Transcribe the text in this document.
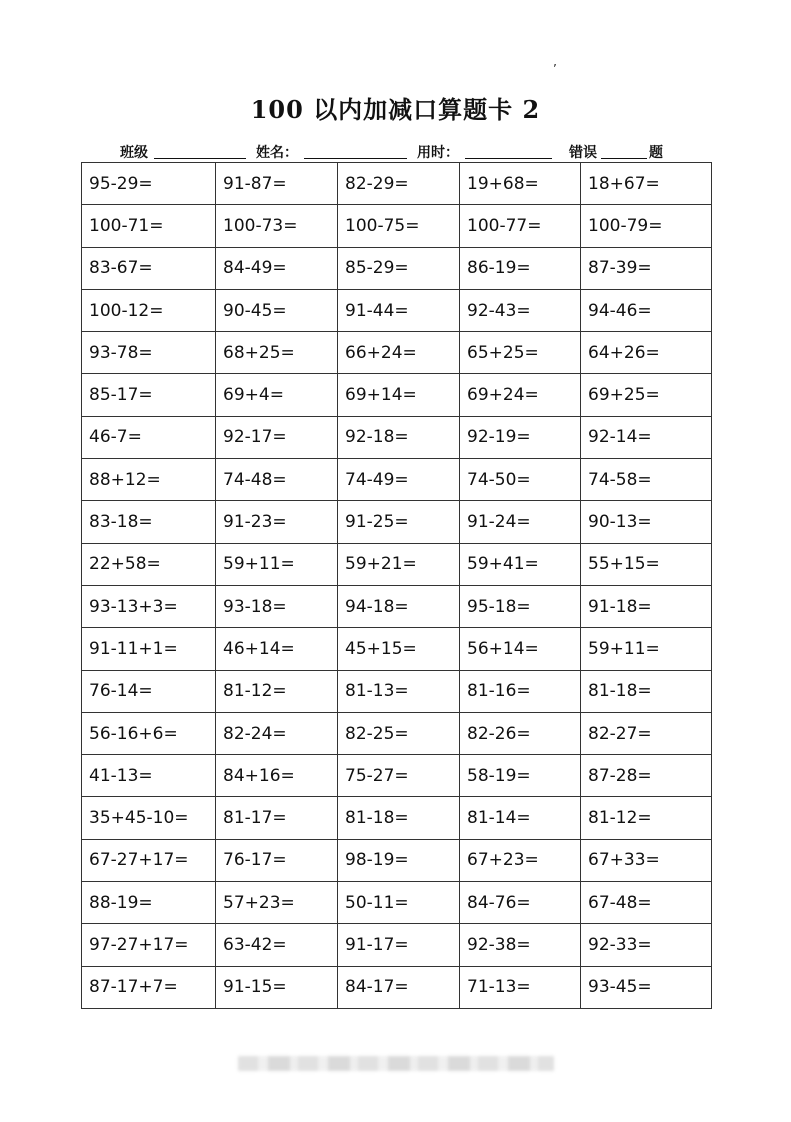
’
100 以内加减口算题卡 2
班级	姓名：	用时：	错误	题
95-29=	91-87=	82-29=	19+68=	18+67=
100-71=	100-73=	100-75=	100-77=	100-79=
83-67=	84-49=	85-29=	86-19=	87-39=
100-12=	90-45=	91-44=	92-43=	94-46=
93-78=	68+25=	66+24=	65+25=	64+26=
85-17=	69+4=	69+14=	69+24=	69+25=
46-7=	92-17=	92-18=	92-19=	92-14=
88+12=	74-48=	74-49=	74-50=	74-58=
83-18=	91-23=	91-25=	91-24=	90-13=
22+58=	59+11=	59+21=	59+41=	55+15=
93-13+3=	93-18=	94-18=	95-18=	91-18=
91-11+1=	46+14=	45+15=	56+14=	59+11=
76-14=	81-12=	81-13=	81-16=	81-18=
56-16+6=	82-24=	82-25=	82-26=	82-27=
41-13=	84+16=	75-27=	58-19=	87-28=
35+45-10=	81-17=	81-18=	81-14=	81-12=
67-27+17=	76-17=	98-19=	67+23=	67+33=
88-19=	57+23=	50-11=	84-76=	67-48=
97-27+17=	63-42=	91-17=	92-38=	92-33=
87-17+7=	91-15=	84-17=	71-13=	93-45=
